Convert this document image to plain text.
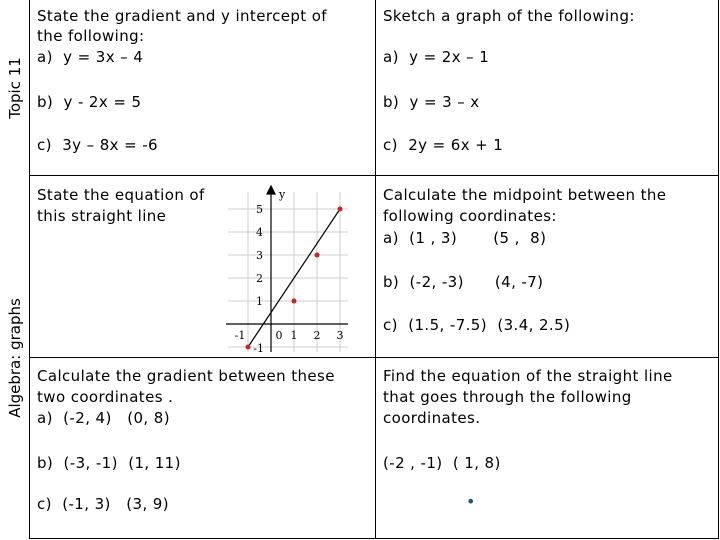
Topic 11
Algebra: graphs
State the gradient and y intercept of
the following:
a)  y = 3x – 4
b)  y - 2x = 5
c)  3y – 8x = -6
Sketch a graph of the following:
a)  y = 2x – 1
b)  y = 3 – x
c)  2y = 6x + 1
State the equation of
this straight line	5
4
3
2
1
-1	0 1 2 3
y
-1
Calculate the midpoint between the
following coordinates:
a)  (1 , 3)       (5 ,  8)
b)  (-2, -3)      (4, -7)
c)  (1.5, -7.5)  (3.4, 2.5)
Calculate the gradient between these
two coordinates .
a)  (-2, 4)   (0, 8)
b)  (-3, -1)  (1, 11)
c)  (-1, 3)   (3, 9)
Find the equation of the straight line
that goes through the following
coordinates.
(-2 , -1)  ( 1, 8)
•
